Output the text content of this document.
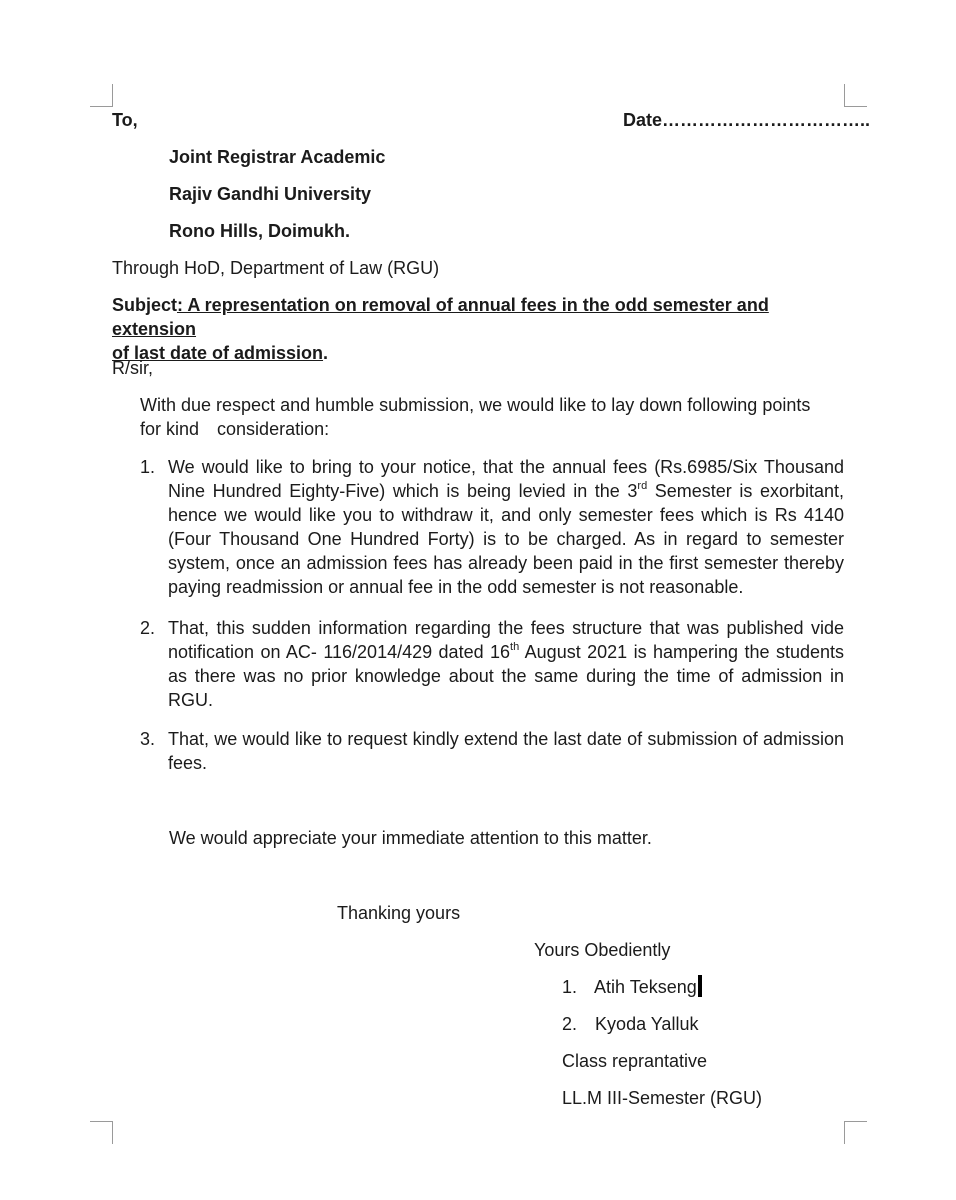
To,	Date……………………………..
Joint Registrar Academic
Rajiv Gandhi University
Rono Hills, Doimukh.
Through HoD, Department of Law (RGU)
Subject: A representation on removal of annual fees in the odd semester and extension
of last date of admission.
R/sir,
With due respect and humble submission, we would like to lay down following points
for kind consideration:
1. We would like to bring to your notice, that the annual fees (Rs.6985/Six Thousand Nine Hundred Eighty-Five) which is being levied in the 3rd Semester is exorbitant, hence we would like you to withdraw it, and only semester fees which is Rs 4140 (Four Thousand One Hundred Forty) is to be charged. As in regard to semester system, once an admission fees has already been paid in the first semester thereby paying readmission or annual fee in the odd semester is not reasonable.
2. That, this sudden information regarding the fees structure that was published vide notification on AC- 116/2014/429 dated 16th August 2021 is hampering the students as there was no prior knowledge about the same during the time of admission in RGU.
3. That, we would like to request kindly extend the last date of submission of admission fees.
We would appreciate your immediate attention to this matter.
Thanking yours
Yours Obediently
1. Atih Tekseng
2. Kyoda Yalluk
Class reprantative
LL.M III-Semester (RGU)
